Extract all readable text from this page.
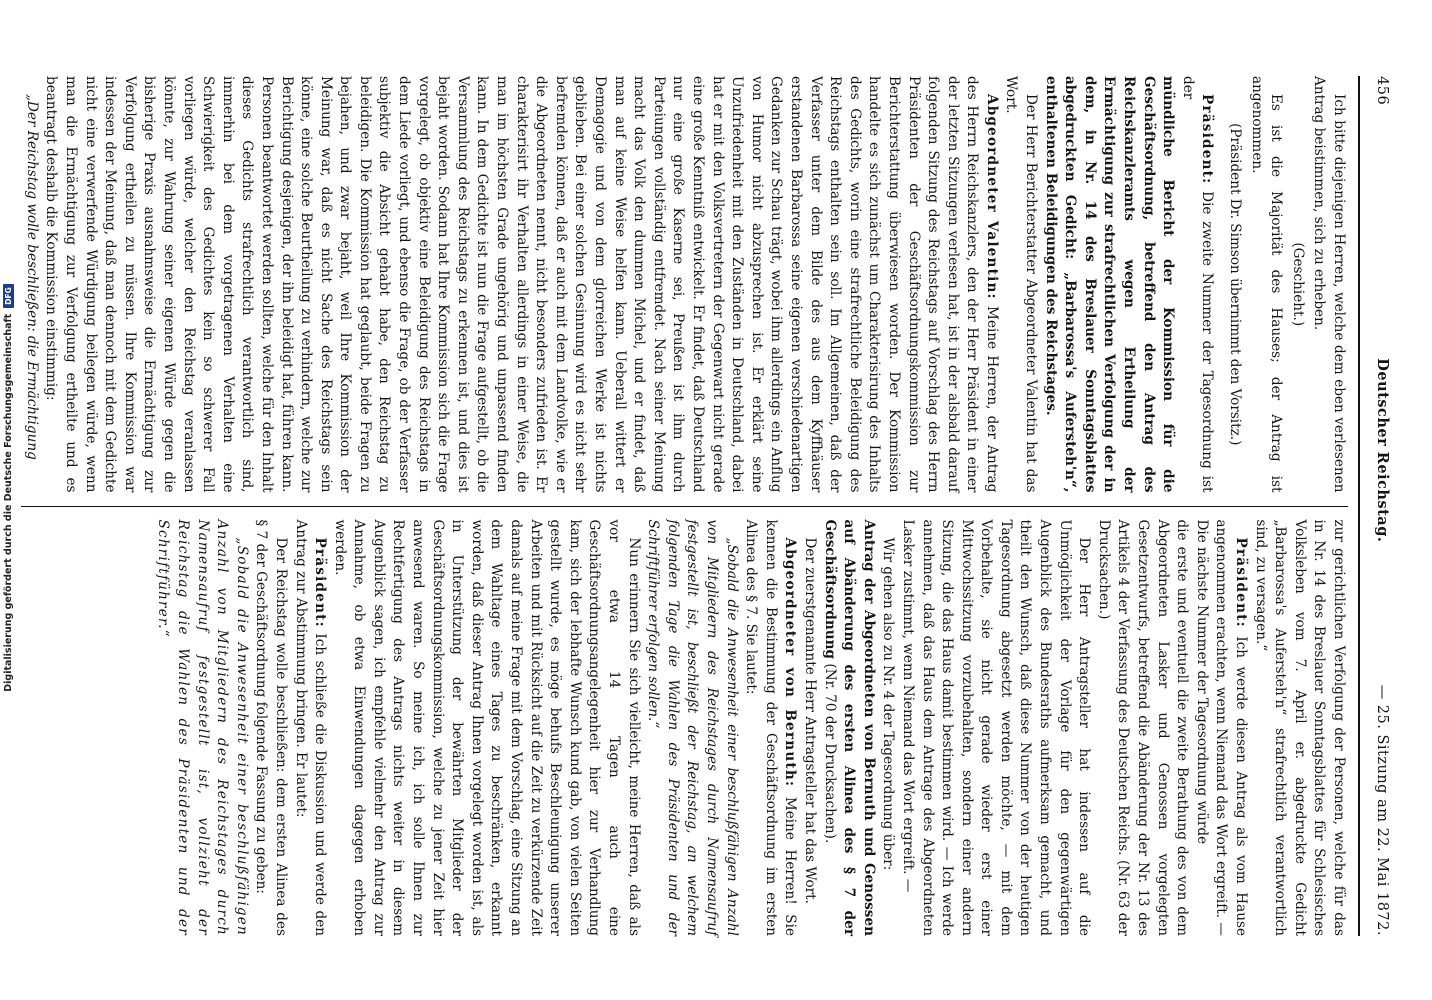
456
Deutscher Reichstag.
— 25. Sitzung am 22. Mai 1872.

Ich bitte diejenigen Herren, welche dem eben verlesenen Antrag beistimmen, sich zu erheben.

(Geschieht.)

Es ist die Majorität des Hauses; der Antrag ist angenommen.

(Präsident Dr. Simson übernimmt den Vorsitz.)

Präsident: Die zweite Nummer der Tagesordnung ist der

mündliche Bericht der Kommission für die Geschäftsordnung, betreffend den Antrag des Reichskanzleramts wegen Ertheilung der Ermächtigung zur strafrechtlichen Verfolgung der in dem, in Nr. 14 des Breslauer Sonntagsblattes abgedruckten Gedicht: „Barbarossa's Aufersteh'n“, enthaltenen Beleidigungen des Reichstages.

Der Herr Berichterstatter Abgeordneter Valentin hat das Wort.

Abgeordneter Valentin: Meine Herren, der Antrag des Herrn Reichskanzlers, den der Herr Präsident in einer der letzten Sitzungen verlesen hat, ist in der alsbald darauf folgenden Sitzung des Reichstags auf Vorschlag des Herrn Präsidenten der Geschäftsordnungskommission zur Berichterstattung überwiesen worden. Der Kommission handelte es sich zunächst um Charakterisirung des Inhalts des Gedichts, worin eine strafrechtliche Beleidigung des Reichstags enthalten sein soll. Im Allgemeinen, daß der Verfasser unter dem Bilde des aus dem Kyffhäuser erstandenen Barbarossa seine eigenen verschiedenartigen Gedanken zur Schau trägt, wobei ihm allerdings ein Anflug von Humor nicht abzusprechen ist. Er erklärt seine Unzufriedenheit mit den Zuständen in Deutschland, dabei hat er mit den Volksvertretern der Gegenwart nicht gerade eine große Kenntniß entwickelt. Er findet, daß Deutschland nur eine große Kaserne sei, Preußen ist ihm durch Parteiungen vollständig entfremdet. Nach seiner Meinung macht das Volk den dummen Michel, und er findet, daß man auf keine Weise helfen kann. Ueberall wittert er Demagogie und von dem glorreichen Werke ist nichts geblieben. Bei einer solchen Gesinnung wird es nicht sehr befremden können, daß er auch mit dem Landvolke, wie er die Abgeordneten nennt, nicht besonders zufrieden ist. Er charakterisirt ihr Verhalten allerdings in einer Weise, die man im höchsten Grade ungehörig und unpassend finden kann. In dem Gedichte ist nun die Frage aufgestellt, ob die Versammlung des Reichstags zu erkennen ist, und dies ist bejaht worden. Sodann hat Ihre Kommission sich die Frage vorgelegt, ob objektiv eine Beleidigung des Reichstags in dem Liede vorliegt, und ebenso die Frage, ob der Verfasser subjektiv die Absicht gehabt habe, den Reichstag zu beleidigen. Die Kommission hat geglaubt, beide Fragen zu bejahen, und zwar bejaht, weil Ihre Kommission der Meinung war, daß es nicht Sache des Reichstags sein könne, eine solche Beurtheilung zu verhindern, welche zur Berichtigung desjenigen, der ihn beleidigt hat, führen kann. Personen beantwortet werden sollten, welche für den Inhalt dieses Gedichts strafrechtlich verantwortlich sind, immerhin bei dem vorgetragenen Verhalten eine Schwierigkeit des Gedichtes kein so schwerer Fall vorliegen würde, welcher den Reichstag veranlassen könnte, zur Wahrung seiner eigenen Würde gegen die bisherige Praxis ausnahmsweise die Ermächtigung zur Verfolgung ertheilen zu müssen. Ihre Kommission war indessen der Meinung, daß man dennoch mit dem Gedichte nicht eine verwerfende Würdigung beilegen würde, wenn man die Ermächtigung zur Verfolgung ertheilte und es beantragt deshalb die Kommission einstimmig:

„Der Reichstag wolle beschließen: die Ermächtigung

zur gerichtlichen Verfolgung der Personen, welche für das in Nr. 14 des Breslauer Sonntagsblattes für Schlesisches Volksleben vom 7. April er. abgedruckte Gedicht „Barbarossa's Aufersteh'n“ strafrechtlich verantwortlich sind, zu versagen.“

Präsident: Ich werde diesen Antrag als vom Hause angenommen erachten, wenn Niemand das Wort ergreift. — Die nächste Nummer der Tagesordnung würde

die erste und eventuell die zweite Berathung des von dem Abgeordneten Lasker und Genossen vorgelegten Gesetzentwurfs, betreffend die Abänderung der Nr. 13 des Artikels 4 der Verfassung des Deutschen Reichs. (Nr. 63 der Drucksachen.)

Der Herr Antragsteller hat indessen auf die Unmöglichkeit der Vorlage für den gegenwärtigen Augenblick des Bundesraths aufmerksam gemacht, und theilt den Wunsch, daß diese Nummer von der heutigen Tagesordnung abgesetzt werden möchte, — mit dem Vorbehalte, sie nicht gerade wieder erst einer Mittwochssitzung vorzubehalten, sondern einer andern Sitzung, die das Haus damit bestimmen wird. — Ich werde annehmen, daß das Haus dem Antrage des Abgeordneten Lasker zustimmt, wenn Niemand das Wort ergreift. —

Wir gehen also zu Nr. 4 der Tagesordnung über:

Antrag der Abgeordneten von Bernuth und Genossen auf Abänderung des ersten Alinea des § 7 der Geschäftsordnung (Nr. 70 der Drucksachen).

Der zuerstgenannte Herr Antragsteller hat das Wort.

Abgeordneter von Bernuth: Meine Herren! Sie kennen die Bestimmung der Geschäftsordnung im ersten Alinea des § 7. Sie lautet:

„Sobald die Anwesenheit einer beschlußfähigen Anzahl von Mitgliedern des Reichstages durch Namensaufruf festgestellt ist, beschließt der Reichstag, an welchem folgenden Tage die Wahlen des Präsidenten und der Schriftführer erfolgen sollen.“

Nun erinnern Sie sich vielleicht, meine Herren, daß als vor etwa 14 Tagen auch eine Geschäftsordnungsangelegenheit hier zur Verhandlung kam, sich der lebhafte Wunsch kund gab, von vielen Seiten gestellt wurde, es möge behufs Beschleunigung unserer Arbeiten und mit Rücksicht auf die Zeit zu verkürzende Zeit damals auf meine Frage mit dem Vorschlag, eine Sitzung an dem Wahltage eines Tages zu beschränken, erkannt worden, daß dieser Antrag Ihnen vorgelegt worden ist, als in Unterstützung der bewährten Mitglieder der Geschäftsordnungskommission, welche zu jener Zeit hier anwesend waren. So meine ich, ich solle Ihnen zur Rechtfertigung des Antrags nichts weiter in diesem Augenblick sagen, ich empfehle vielmehr den Antrag zur Annahme, ob etwa Einwendungen dagegen erhoben werden.

Präsident: Ich schließe die Diskussion und werde den Antrag zur Abstimmung bringen. Er lautet:

Der Reichstag wolle beschließen: dem ersten Alinea des § 7 der Geschäftsordnung folgende Fassung zu geben:

„Sobald die Anwesenheit einer beschlußfähigen Anzahl von Mitgliedern des Reichstages durch Namensaufruf festgestellt ist, vollzieht der Reichstag die Wahlen des Präsidenten und der Schriftführer.“

Digitalisierung gefördert durch die Deutsche Forschungsgemeinschaft
DFG
